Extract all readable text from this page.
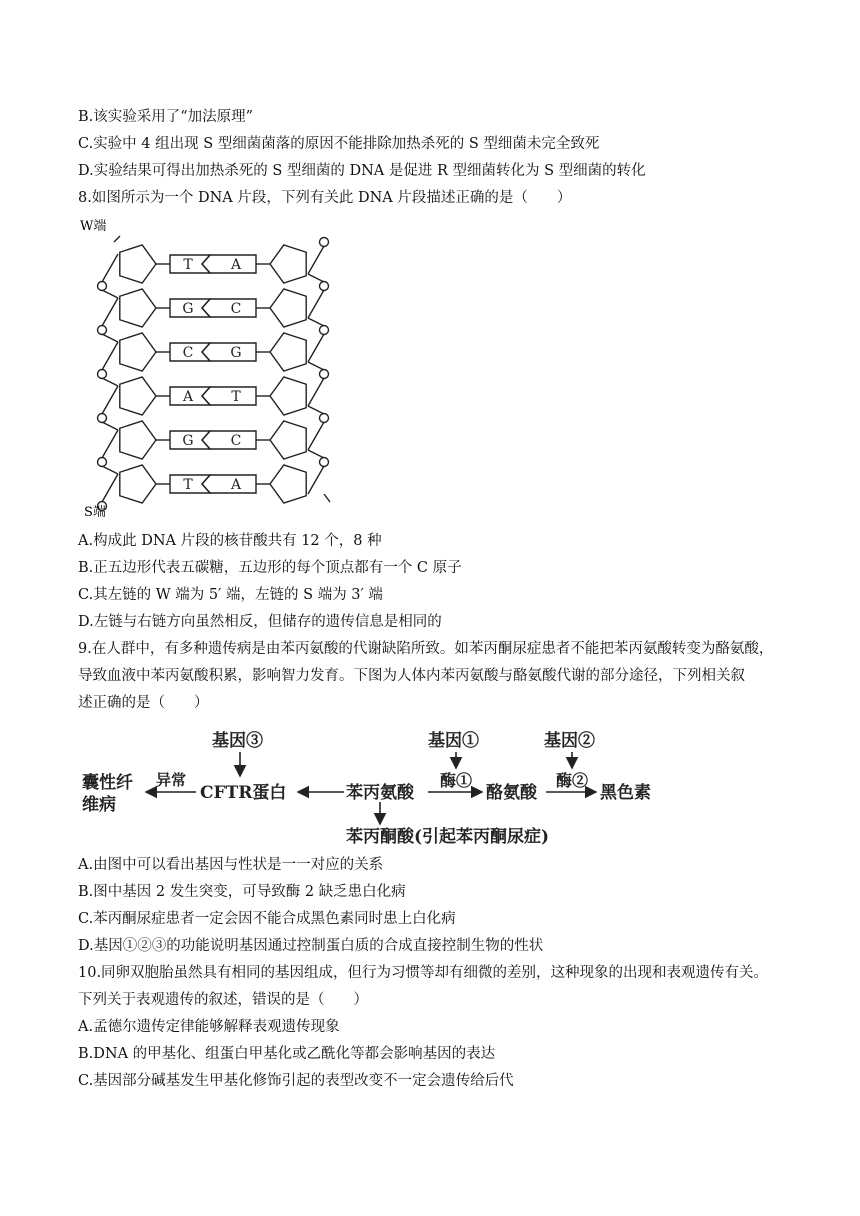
B.该实验采用了“加法原理”
C.实验中 4 组出现 S 型细菌菌落的原因不能排除加热杀死的 S 型细菌未完全致死
D.实验结果可得出加热杀死的 S 型细菌的 DNA 是促进 R 型细菌转化为 S 型细菌的转化
8.如图所示为一个 DNA 片段，下列有关此 DNA 片段描述正确的是（　　）
W端
S端
T	A
G	C
C	G
A	T
G	C
T	A
A.构成此 DNA 片段的核苷酸共有 12 个，8 种
B.正五边形代表五碳糖，五边形的每个顶点都有一个 C 原子
C.其左链的 W 端为 5′ 端，左链的 S 端为 3′ 端
D.左链与右链方向虽然相反，但储存的遗传信息是相同的
9.在人群中，有多种遗传病是由苯丙氨酸的代谢缺陷所致。如苯丙酮尿症患者不能把苯丙氨酸转变为酪氨酸，
导致血液中苯丙氨酸积累，影响智力发育。下图为人体内苯丙氨酸与酪氨酸代谢的部分途径，下列相关叙
述正确的是（　　）
基因③	基因①	基因②
囊性纤
维病
异常
CFTR蛋白	苯丙氨酸
酶①
酪氨酸
酶②
黑色素
苯丙酮酸(引起苯丙酮尿症)
A.由图中可以看出基因与性状是一一对应的关系
B.图中基因 2 发生突变，可导致酶 2 缺乏患白化病
C.苯丙酮尿症患者一定会因不能合成黑色素同时患上白化病
D.基因①②③的功能说明基因通过控制蛋白质的合成直接控制生物的性状
10.同卵双胞胎虽然具有相同的基因组成，但行为习惯等却有细微的差别，这种现象的出现和表观遗传有关。
下列关于表观遗传的叙述，错误的是（　　）
A.孟德尔遗传定律能够解释表观遗传现象
B.DNA 的甲基化、组蛋白甲基化或乙酰化等都会影响基因的表达
C.基因部分碱基发生甲基化修饰引起的表型改变不一定会遗传给后代
